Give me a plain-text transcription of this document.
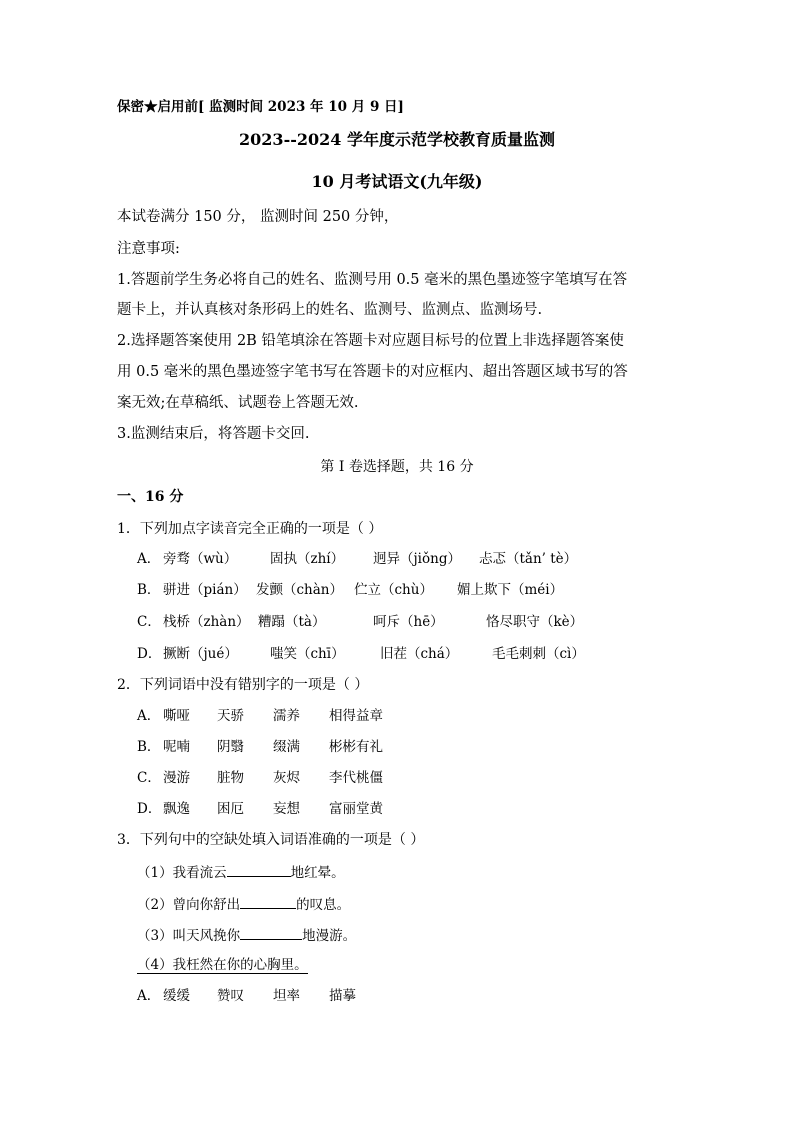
保密★启用前[ 监测时间 2023 年 10 月 9 日]
2023--2024 学年度示范学校教育质量监测
10 月考试语文(九年级)
本试卷满分 150 分， 监测时间 250 分钟，
注意事项:
1.答题前学生务必将自己的姓名、监测号用 0.5 毫米的黑色墨迹签字笔填写在答
题卡上，并认真核对条形码上的姓名、监测号、监测点、监测场号.
2.选择题答案使用 2B 铅笔填涂在答题卡对应题目标号的位置上非选择题答案使
用 0.5 毫米的黑色墨迹签字笔书写在答题卡的对应框内、超出答题区域书写的答
案无效;在草稿纸、试题卷上答题无效.
3.监测结束后，将答题卡交回.
第 I 卷选择题，共 16 分
一、16 分
1．下列加点字读音完全正确的一项是（ ）
A． 旁骛（wù） 固执（zhí） 迥异（jiǒng） 忐忑（tǎn’ tè）
B． 骈进（pián） 发颤（chàn） 伫立（chù） 媚上欺下（méi）
C． 栈桥（zhàn） 糟蹋（tà）	呵斥（hē）	恪尽职守（kè）
D． 撅断（jué） 嗤笑（chī）	旧茬（chá） 毛毛刺刺（cì）
2．下列词语中没有错别字的一项是（ ）
A． 嘶哑 天骄 濡养 相得益章
B． 呢喃 阴翳 缀满 彬彬有礼
C． 漫游 脏物 灰烬 李代桃僵
D． 飘逸 困厄 妄想 富丽堂黄
3．下列句中的空缺处填入词语准确的一项是（ ）
（1）我看流云	地红晕。
（2）曾向你舒出	的叹息。
（3）叫天风挽你	地漫游。
（4）我枉然在你的心胸里。
A． 缓缓 赞叹 坦率 描摹
